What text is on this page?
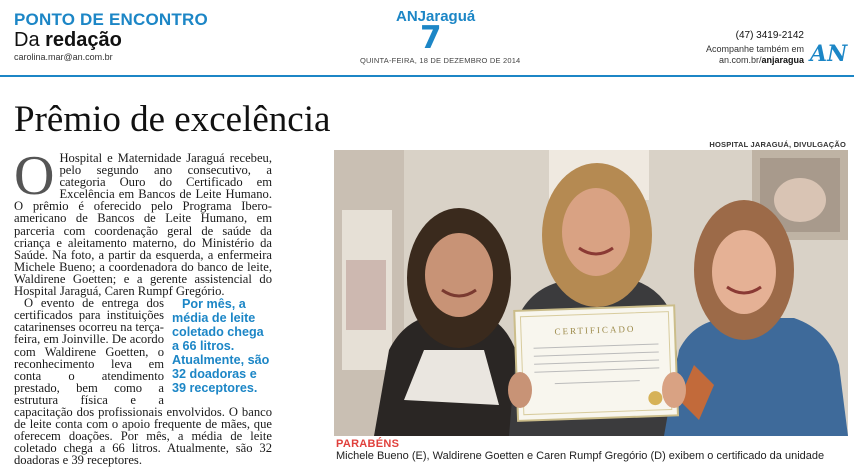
PONTO DE ENCONTRO
Da redação
carolina.mar@an.com.br
ANJaraguá
7
QUINTA-FEIRA, 18 DE DEZEMBRO DE 2014
(47) 3419-2142
Acompanhe também em
an.com.br/anjaragua AN
Prêmio de excelência

O Hospital e Maternidade Jaraguá recebeu, pelo segundo ano consecutivo, a categoria Ouro do Certificado em Excelência em Bancos de Leite Humano. O prêmio é oferecido pelo Programa Ibero-americano de Bancos de Leite Humano, em parceria com coordenação geral de saúde da criança e aleitamento materno, do Ministério da Saúde. Na foto, a partir da esquerda, a enfermeira Michele Bueno; a coordenadora do banco de leite, Waldirene Goetten; e a gerente assistencial do Hospital Jaraguá, Caren Rumpf Gregório.

Por mês, a média de leite coletado chega a 66 litros. Atualmente, são 32 doadoras e 39 receptores.
O evento de entrega dos certificados para instituições catarinenses ocorreu na terça-feira, em Joinville. De acordo com Waldirene Goetten, o reconhecimento leva em conta o atendimento prestado, bem como a estrutura física e a capacitação dos profissionais envolvidos. O banco de leite conta com o apoio frequente de mães, que oferecem doações. Por mês, a média de leite coletado chega a 66 litros. Atualmente, são 32 doadoras e 39 receptores.

HOSPITAL JARAGUÁ, DIVULGAÇÃO
CERTIFICADO
PARABÉNS
Michele Bueno (E), Waldirene Goetten e Caren Rumpf Gregório (D) exibem o certificado da unidade
